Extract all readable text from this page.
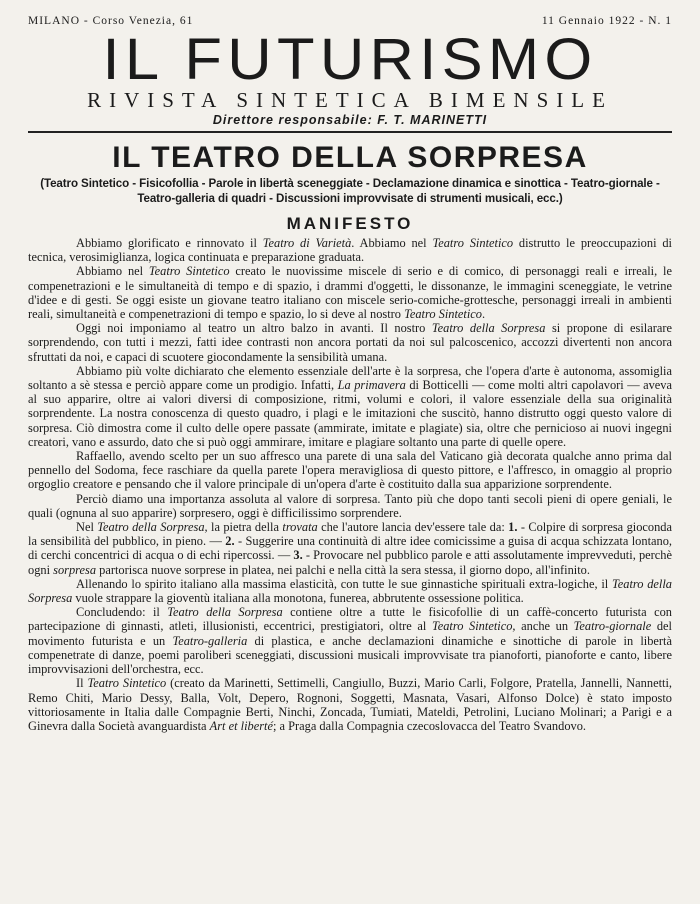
MILANO - Corso Venezia, 61	11 Gennaio 1922 - N. 1
IL FUTURISMO
RIVISTA SINTETICA BIMENSILE
Direttore responsabile: F. T. MARINETTI
IL TEATRO DELLA SORPRESA
(Teatro Sintetico - Fisicofollia - Parole in libertà sceneggiate - Declamazione dinamica e sinottica - Teatro-giornale - Teatro-galleria di quadri - Discussioni improvvisate di strumenti musicali, ecc.)
MANIFESTO

Abbiamo glorificato e rinnovato il Teatro di Varietà. Abbiamo nel Teatro Sintetico distrutto le preoccupazioni di tecnica, verosimiglianza, logica continuata e preparazione graduata.

Abbiamo nel Teatro Sintetico creato le nuovissime miscele di serio e di comico, di personaggi reali e irreali, le compenetrazioni e le simultaneità di tempo e di spazio, i drammi d'oggetti, le dissonanze, le immagini sceneggiate, le vetrine d'idee e di gesti. Se oggi esiste un giovane teatro italiano con miscele serio-comiche-grottesche, personaggi irreali in ambienti reali, simultaneità e compenetrazioni di tempo e spazio, lo si deve al nostro Teatro Sintetico.

Oggi noi imponiamo al teatro un altro balzo in avanti. Il nostro Teatro della Sorpresa si propone di esilarare sorprendendo, con tutti i mezzi, fatti idee contrasti non ancora portati da noi sul palcoscenico, accozzi divertenti non ancora sfruttati da noi, e capaci di scuotere giocondamente la sensibilità umana.

Abbiamo più volte dichiarato che elemento essenziale dell'arte è la sorpresa, che l'opera d'arte è autonoma, assomiglia soltanto a sè stessa e perciò appare come un prodigio. Infatti, La primavera di Botticelli — come molti altri capolavori — aveva al suo apparire, oltre ai valori diversi di composizione, ritmi, volumi e colori, il valore essenziale della sua originalità sorprendente. La nostra conoscenza di questo quadro, i plagi e le imitazioni che suscitò, hanno distrutto oggi questo valore di sorpresa. Ciò dimostra come il culto delle opere passate (ammirate, imitate e plagiate) sia, oltre che pernicioso ai nuovi ingegni creatori, vano e assurdo, dato che si può oggi ammirare, imitare e plagiare soltanto una parte di quelle opere.

Raffaello, avendo scelto per un suo affresco una parete di una sala del Vaticano già decorata qualche anno prima dal pennello del Sodoma, fece raschiare da quella parete l'opera meravigliosa di questo pittore, e l'affresco, in omaggio al proprio orgoglio creatore e pensando che il valore principale di un'opera d'arte è costituito dalla sua apparizione sorprendente.

Perciò diamo una importanza assoluta al valore di sorpresa. Tanto più che dopo tanti secoli pieni di opere geniali, le quali (ognuna al suo apparire) sorpresero, oggi è difficilissimo sorprendere.

Nel Teatro della Sorpresa, la pietra della trovata che l'autore lancia dev'essere tale da: 1. - Colpire di sorpresa gioconda la sensibilità del pubblico, in pieno. — 2. - Suggerire una continuità di altre idee comicissime a guisa di acqua schizzata lontano, di cerchi concentrici di acqua o di echi ripercossi. — 3. - Provocare nel pubblico parole e atti assolutamente imprevveduti, perchè ogni sorpresa partorisca nuove sorprese in platea, nei palchi e nella città la sera stessa, il giorno dopo, all'infinito.

Allenando lo spirito italiano alla massima elasticità, con tutte le sue ginnastiche spirituali extra-logiche, il Teatro della Sorpresa vuole strappare la gioventù italiana alla monotona, funerea, abbrutente ossessione politica.

Concludendo: il Teatro della Sorpresa contiene oltre a tutte le fisicofollie di un caffè-concerto futurista con partecipazione di ginnasti, atleti, illusionisti, eccentrici, prestigiatori, oltre al Teatro Sintetico, anche un Teatro-giornale del movimento futurista e un Teatro-galleria di plastica, e anche declamazioni dinamiche e sinottiche di parole in libertà compenetrate di danze, poemi paroliberi sceneggiati, discussioni musicali improvvisate tra pianoforti, pianoforte e canto, libere improvvisazioni dell'orchestra, ecc.

Il Teatro Sintetico (creato da Marinetti, Settimelli, Cangiullo, Buzzi, Mario Carli, Folgore, Pratella, Jannelli, Nannetti, Remo Chiti, Mario Dessy, Balla, Volt, Depero, Rognoni, Soggetti, Masnata, Vasari, Alfonso Dolce) è stato imposto vittoriosamente in Italia dalle Compagnie Berti, Ninchi, Zoncada, Tumiati, Mateldi, Petrolini, Luciano Molinari; a Parigi e a Ginevra dalla Società avanguardista Art et liberté; a Praga dalla Compagnia czecoslovacca del Teatro Svandovo.
